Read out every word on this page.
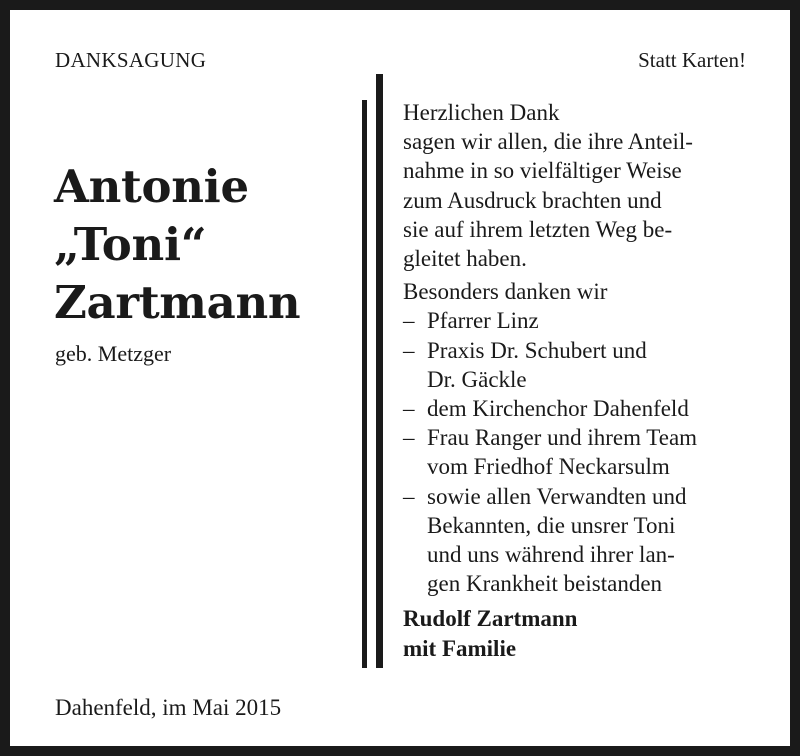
DANKSAGUNG	Statt Karten!
Antonie
„Toni“
Zartmann
geb. Metzger
Herzlichen Dank
sagen wir allen, die ihre Anteil-
nahme in so vielfältiger Weise
zum Ausdruck brachten und
sie auf ihrem letzten Weg be-
gleitet haben.
Besonders danken wir
– Pfarrer Linz
– Praxis Dr. Schubert und
Dr. Gäckle
– dem Kirchenchor Dahenfeld
– Frau Ranger und ihrem Team
vom Friedhof Neckarsulm
– sowie allen Verwandten und
Bekannten, die unsrer Toni
und uns während ihrer lan-
gen Krankheit beistanden
Rudolf Zartmann
mit Familie
Dahenfeld, im Mai 2015
